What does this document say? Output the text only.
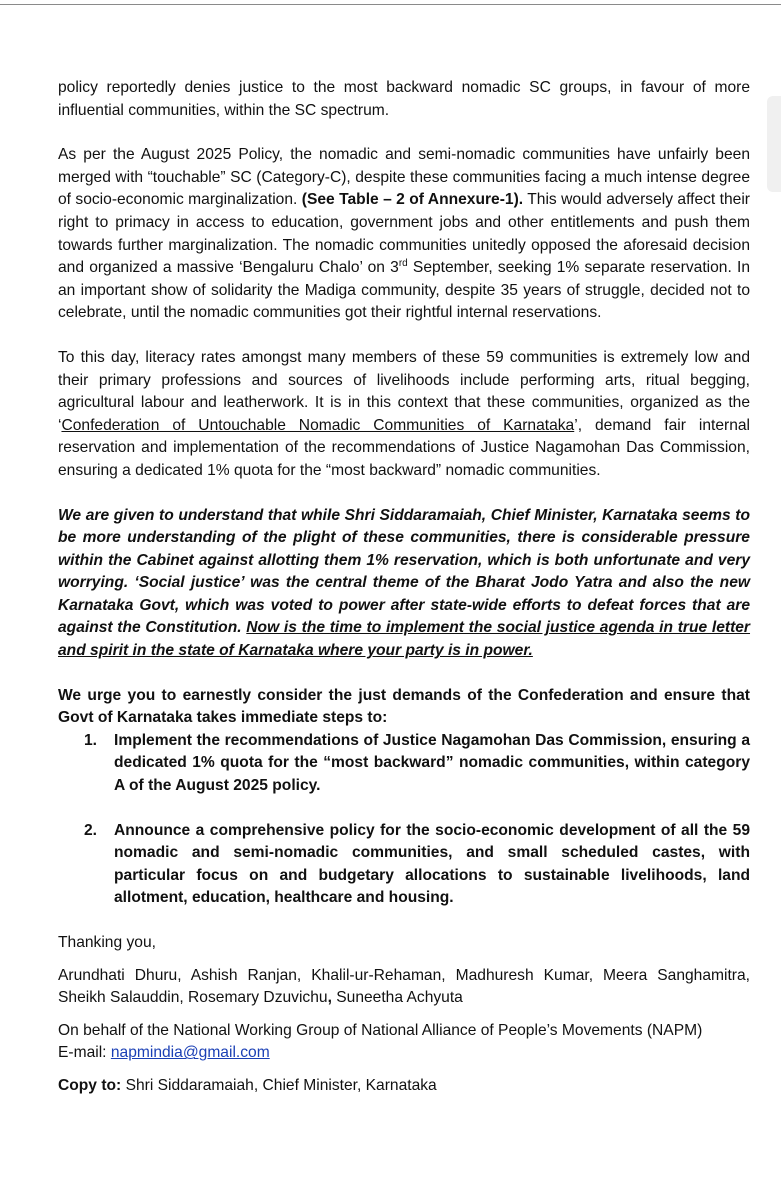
policy reportedly denies justice to the most backward nomadic SC groups, in favour of more influential communities, within the SC spectrum.

As per the August 2025 Policy, the nomadic and semi-nomadic communities have unfairly been merged with “touchable” SC (Category-C), despite these communities facing a much intense degree of socio-economic marginalization. (See Table – 2 of Annexure-1). This would adversely affect their right to primacy in access to education, government jobs and other entitlements and push them towards further marginalization. The nomadic communities unitedly opposed the aforesaid decision and organized a massive ‘Bengaluru Chalo’ on 3rd September, seeking 1% separate reservation. In an important show of solidarity the Madiga community, despite 35 years of struggle, decided not to celebrate, until the nomadic communities got their rightful internal reservations.

To this day, literacy rates amongst many members of these 59 communities is extremely low and their primary professions and sources of livelihoods include performing arts, ritual begging, agricultural labour and leatherwork. It is in this context that these communities, organized as the ‘Confederation of Untouchable Nomadic Communities of Karnataka’, demand fair internal reservation and implementation of the recommendations of Justice Nagamohan Das Commission, ensuring a dedicated 1% quota for the “most backward” nomadic communities.

We are given to understand that while Shri Siddaramaiah, Chief Minister, Karnataka seems to be more understanding of the plight of these communities, there is considerable pressure within the Cabinet against allotting them 1% reservation, which is both unfortunate and very worrying. ‘Social justice’ was the central theme of the Bharat Jodo Yatra and also the new Karnataka Govt, which was voted to power after state-wide efforts to defeat forces that are against the Constitution. Now is the time to implement the social justice agenda in true letter and spirit in the state of Karnataka where your party is in power.

We urge you to earnestly consider the just demands of the Confederation and ensure that Govt of Karnataka takes immediate steps to:

1. Implement the recommendations of Justice Nagamohan Das Commission, ensuring a dedicated 1% quota for the “most backward” nomadic communities, within category A of the August 2025 policy.
2. Announce a comprehensive policy for the socio-economic development of all the 59 nomadic and semi-nomadic communities, and small scheduled castes, with particular focus on and budgetary allocations to sustainable livelihoods, land allotment, education, healthcare and housing.

Thanking you,

Arundhati Dhuru, Ashish Ranjan, Khalil-ur-Rehaman, Madhuresh Kumar, Meera Sanghamitra, Sheikh Salauddin, Rosemary Dzuvichu, Suneetha Achyuta

On behalf of the National Working Group of National Alliance of People’s Movements (NAPM)

E-mail: napmindia@gmail.com

Copy to: Shri Siddaramaiah, Chief Minister, Karnataka
